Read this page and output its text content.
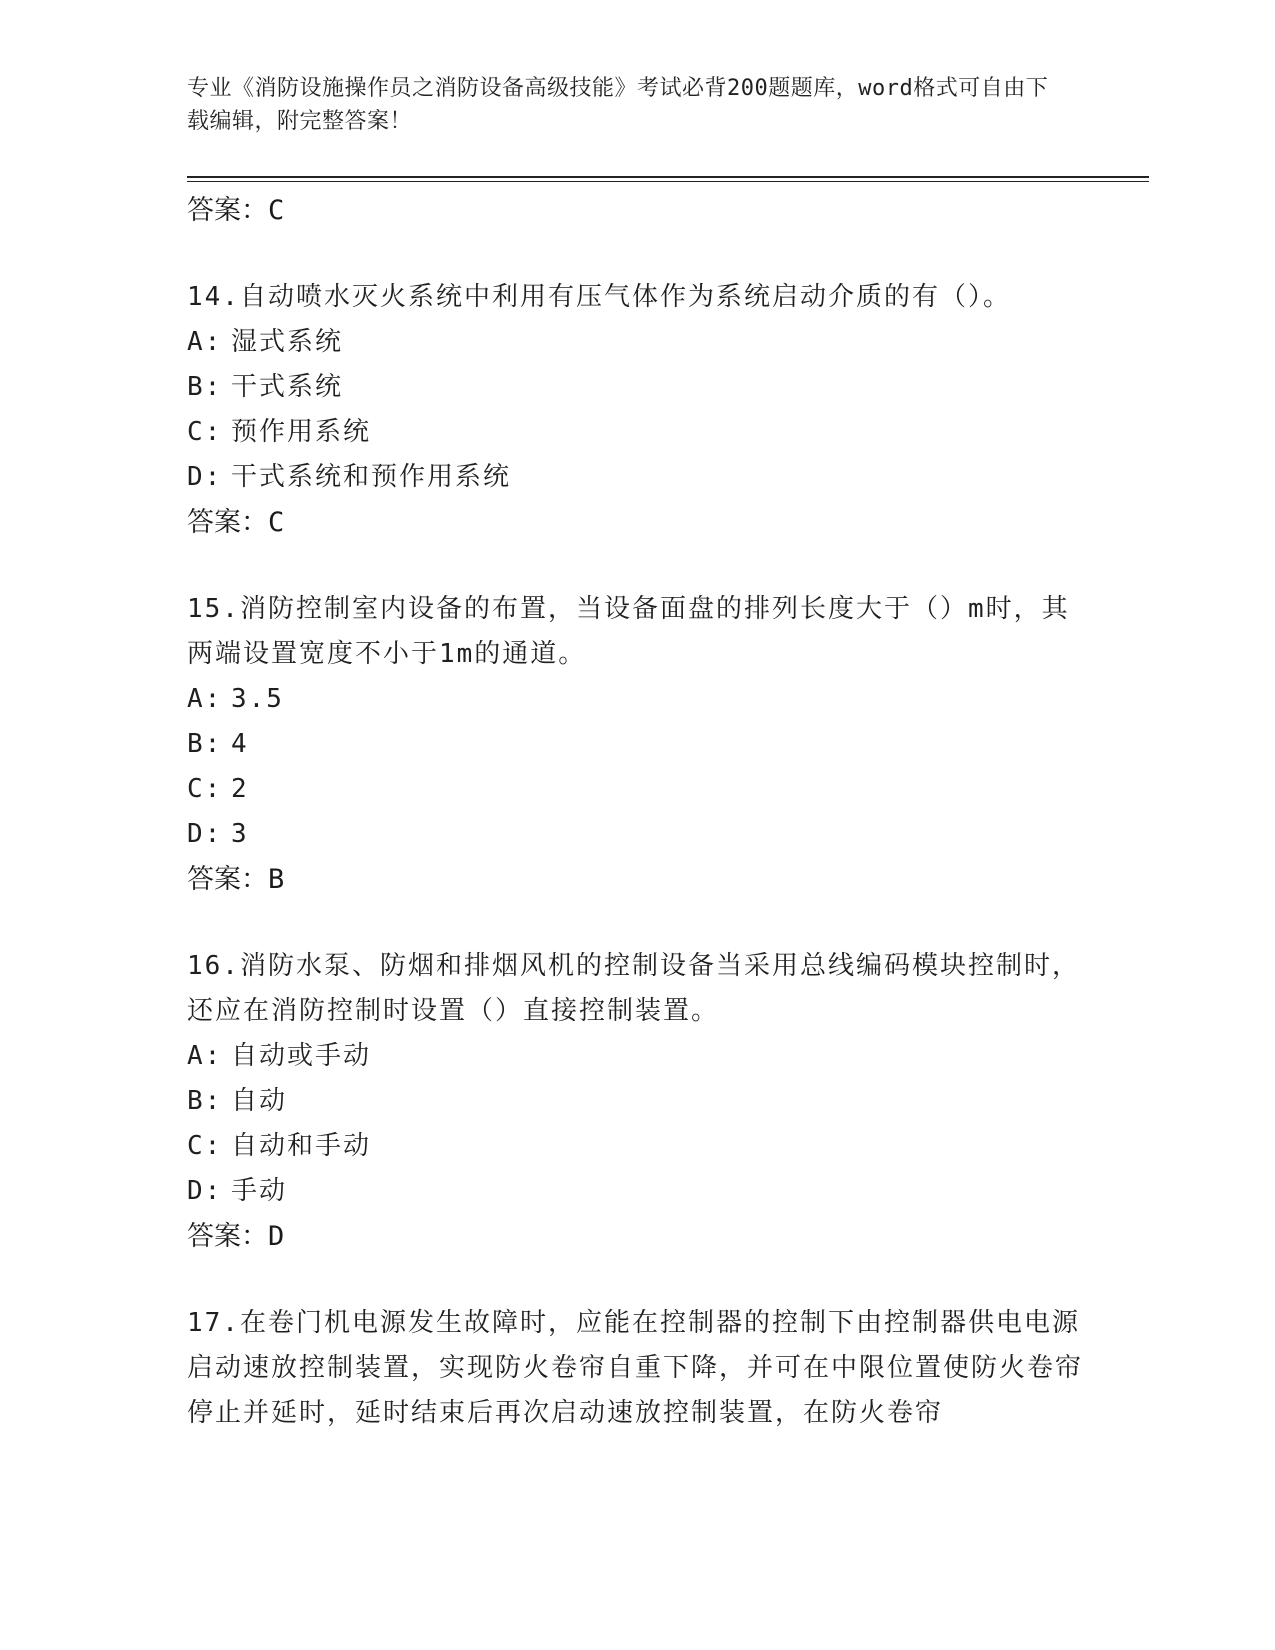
专业《消防设施操作员之消防设备高级技能》考试必背200题题库，word格式可自由下载编辑，附完整答案！
答案：C
14.自动喷水灭火系统中利用有压气体作为系统启动介质的有（）。
A: 湿式系统
B: 干式系统
C: 预作用系统
D: 干式系统和预作用系统
答案：C
15.消防控制室内设备的布置，当设备面盘的排列长度大于（）m时，其两端设置宽度不小于1m的通道。
A: 3.5
B: 4
C: 2
D: 3
答案：B
16.消防水泵、防烟和排烟风机的控制设备当采用总线编码模块控制时，还应在消防控制时设置（）直接控制装置。
A: 自动或手动
B: 自动
C: 自动和手动
D: 手动
答案：D
17.在卷门机电源发生故障时，应能在控制器的控制下由控制器供电电源启动速放控制装置，实现防火卷帘自重下降，并可在中限位置使防火卷帘停止并延时，延时结束后再次启动速放控制装置，在防火卷帘
